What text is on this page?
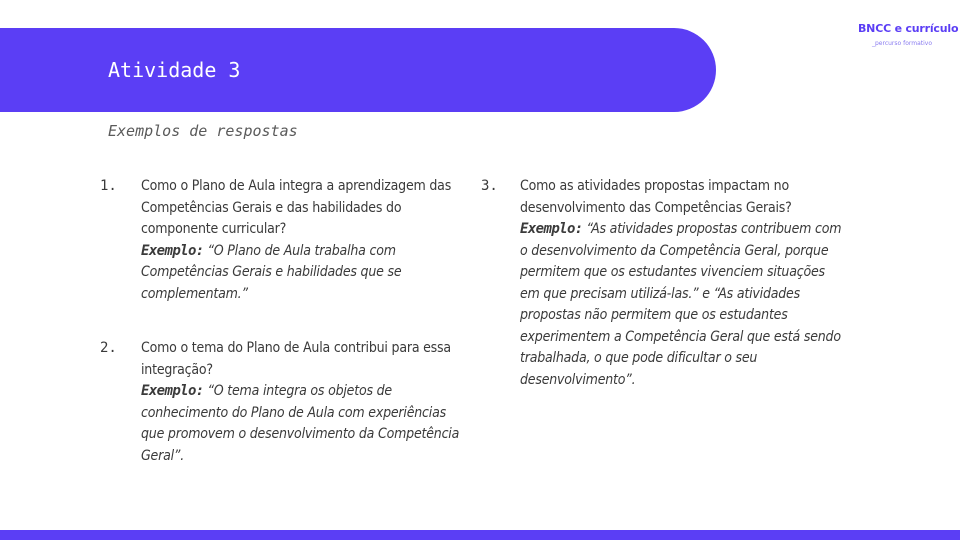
Atividade 3
BNCC e currículo
_percurso formativo
Exemplos de respostas
1. Como o Plano de Aula integra a aprendizagem das Competências Gerais e das habilidades do componente curricular?
Exemplo: “O Plano de Aula trabalha com Competências Gerais e habilidades que se complementam.”
2. Como o tema do Plano de Aula contribui para essa integração?
Exemplo: “O tema integra os objetos de conhecimento do Plano de Aula com experiências que promovem o desenvolvimento da Competência Geral”.
3. Como as atividades propostas impactam no desenvolvimento das Competências Gerais?
Exemplo: “As atividades propostas contribuem com o desenvolvimento da Competência Geral, porque permitem que os estudantes vivenciem situações em que precisam utilizá-las.” e “As atividades propostas não permitem que os estudantes experimentem a Competência Geral que está sendo trabalhada, o que pode dificultar o seu desenvolvimento”.
